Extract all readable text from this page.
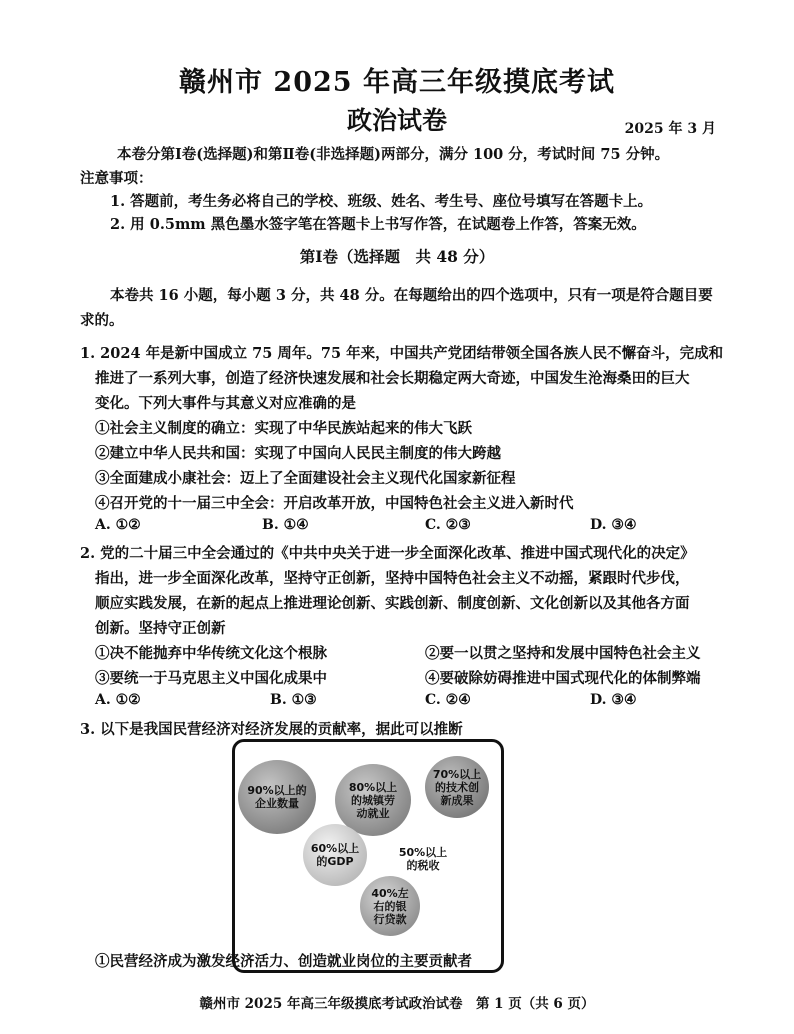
赣州市 2025 年高三年级摸底考试
政治试卷	2025 年 3 月
本卷分第Ⅰ卷(选择题)和第Ⅱ卷(非选择题)两部分，满分 100 分，考试时间 75 分钟。
注意事项：
1. 答题前，考生务必将自己的学校、班级、姓名、考生号、座位号填写在答题卡上。
2. 用 0.5mm 黑色墨水签字笔在答题卡上书写作答，在试题卷上作答，答案无效。
第Ⅰ卷（选择题　共 48 分）
本卷共 16 小题，每小题 3 分，共 48 分。在每题给出的四个选项中，只有一项是符合题目要
求的。
1. 2024 年是新中国成立 75 周年。75 年来，中国共产党团结带领全国各族人民不懈奋斗，完成和
推进了一系列大事，创造了经济快速发展和社会长期稳定两大奇迹，中国发生沧海桑田的巨大
变化。下列大事件与其意义对应准确的是
①社会主义制度的确立：实现了中华民族站起来的伟大飞跃
②建立中华人民共和国：实现了中国向人民民主制度的伟大跨越
③全面建成小康社会：迈上了全面建设社会主义现代化国家新征程
④召开党的十一届三中全会：开启改革开放，中国特色社会主义进入新时代
A. ①②	B. ①④	C. ②③	D. ③④
2. 党的二十届三中全会通过的《中共中央关于进一步全面深化改革、推进中国式现代化的决定》
指出，进一步全面深化改革，坚持守正创新，坚持中国特色社会主义不动摇，紧跟时代步伐，
顺应实践发展，在新的起点上推进理论创新、实践创新、制度创新、文化创新以及其他各方面
创新。坚持守正创新
①决不能抛弃中华传统文化这个根脉	②要一以贯之坚持和发展中国特色社会主义
③要统一于马克思主义中国化成果中	④要破除妨碍推进中国式现代化的体制弊端
A. ①②	B. ①③	C. ②④	D. ③④
3. 以下是我国民营经济对经济发展的贡献率，据此可以推断
90%以上的
企业数量
80%以上
的城镇劳
动就业
70%以上
的技术创
新成果
60%以上
的GDP
50%以上
的税收
40%左
右的银
行贷款
①民营经济成为激发经济活力、创造就业岗位的主要贡献者
赣州市 2025 年高三年级摸底考试政治试卷　第 1 页（共 6 页）
